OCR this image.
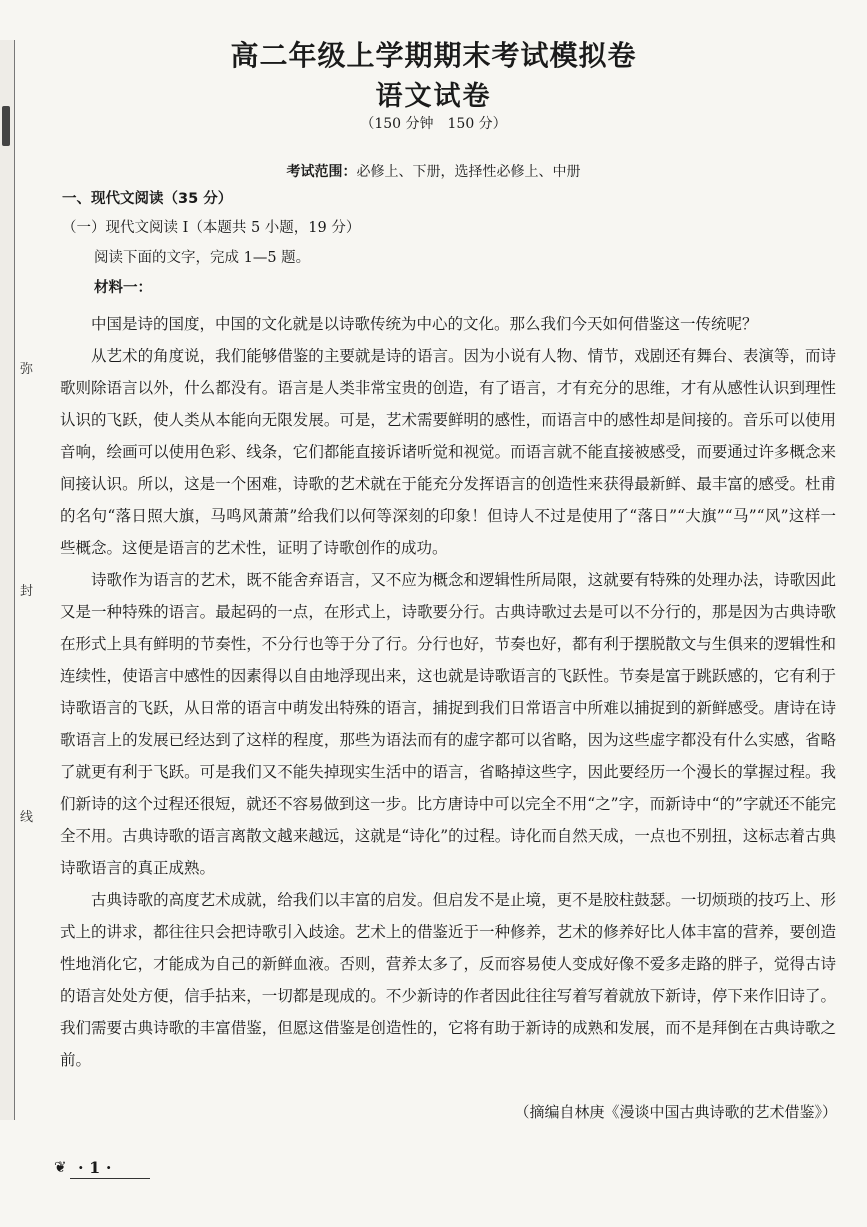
弥
封
线
高二年级上学期期末考试模拟卷
语文试卷
（150 分钟　150 分）
考试范围：必修上、下册，选择性必修上、中册
一、现代文阅读（35 分）
（一）现代文阅读 Ⅰ（本题共 5 小题，19 分）
阅读下面的文字，完成 1—5 题。
材料一：

中国是诗的国度，中国的文化就是以诗歌传统为中心的文化。那么我们今天如何借鉴这一传统呢？

从艺术的角度说，我们能够借鉴的主要就是诗的语言。因为小说有人物、情节，戏剧还有舞台、表演等，而诗歌则除语言以外，什么都没有。语言是人类非常宝贵的创造，有了语言，才有充分的思维，才有从感性认识到理性认识的飞跃，使人类从本能向无限发展。可是，艺术需要鲜明的感性，而语言中的感性却是间接的。音乐可以使用音响，绘画可以使用色彩、线条，它们都能直接诉诸听觉和视觉。而语言就不能直接被感受，而要通过许多概念来间接认识。所以，这是一个困难，诗歌的艺术就在于能充分发挥语言的创造性来获得最新鲜、最丰富的感受。杜甫的名句“落日照大旗，马鸣风萧萧”给我们以何等深刻的印象！但诗人不过是使用了“落日”“大旗”“马”“风”这样一些概念。这便是语言的艺术性，证明了诗歌创作的成功。

诗歌作为语言的艺术，既不能舍弃语言，又不应为概念和逻辑性所局限，这就要有特殊的处理办法，诗歌因此又是一种特殊的语言。最起码的一点，在形式上，诗歌要分行。古典诗歌过去是可以不分行的，那是因为古典诗歌在形式上具有鲜明的节奏性，不分行也等于分了行。分行也好，节奏也好，都有利于摆脱散文与生俱来的逻辑性和连续性，使语言中感性的因素得以自由地浮现出来，这也就是诗歌语言的飞跃性。节奏是富于跳跃感的，它有利于诗歌语言的飞跃，从日常的语言中萌发出特殊的语言，捕捉到我们日常语言中所难以捕捉到的新鲜感受。唐诗在诗歌语言上的发展已经达到了这样的程度，那些为语法而有的虚字都可以省略，因为这些虚字都没有什么实感，省略了就更有利于飞跃。可是我们又不能失掉现实生活中的语言，省略掉这些字，因此要经历一个漫长的掌握过程。我们新诗的这个过程还很短，就还不容易做到这一步。比方唐诗中可以完全不用“之”字，而新诗中“的”字就还不能完全不用。古典诗歌的语言离散文越来越远，这就是“诗化”的过程。诗化而自然天成，一点也不别扭，这标志着古典诗歌语言的真正成熟。

古典诗歌的高度艺术成就，给我们以丰富的启发。但启发不是止境，更不是胶柱鼓瑟。一切烦琐的技巧上、形式上的讲求，都往往只会把诗歌引入歧途。艺术上的借鉴近于一种修养，艺术的修养好比人体丰富的营养，要创造性地消化它，才能成为自己的新鲜血液。否则，营养太多了，反而容易使人变成好像不爱多走路的胖子，觉得古诗的语言处处方便，信手拈来，一切都是现成的。不少新诗的作者因此往往写着写着就放下新诗，停下来作旧诗了。我们需要古典诗歌的丰富借鉴，但愿这借鉴是创造性的，它将有助于新诗的成熟和发展，而不是拜倒在古典诗歌之前。

（摘编自林庚《漫谈中国古典诗歌的艺术借鉴》）
❦ · 1 ·
